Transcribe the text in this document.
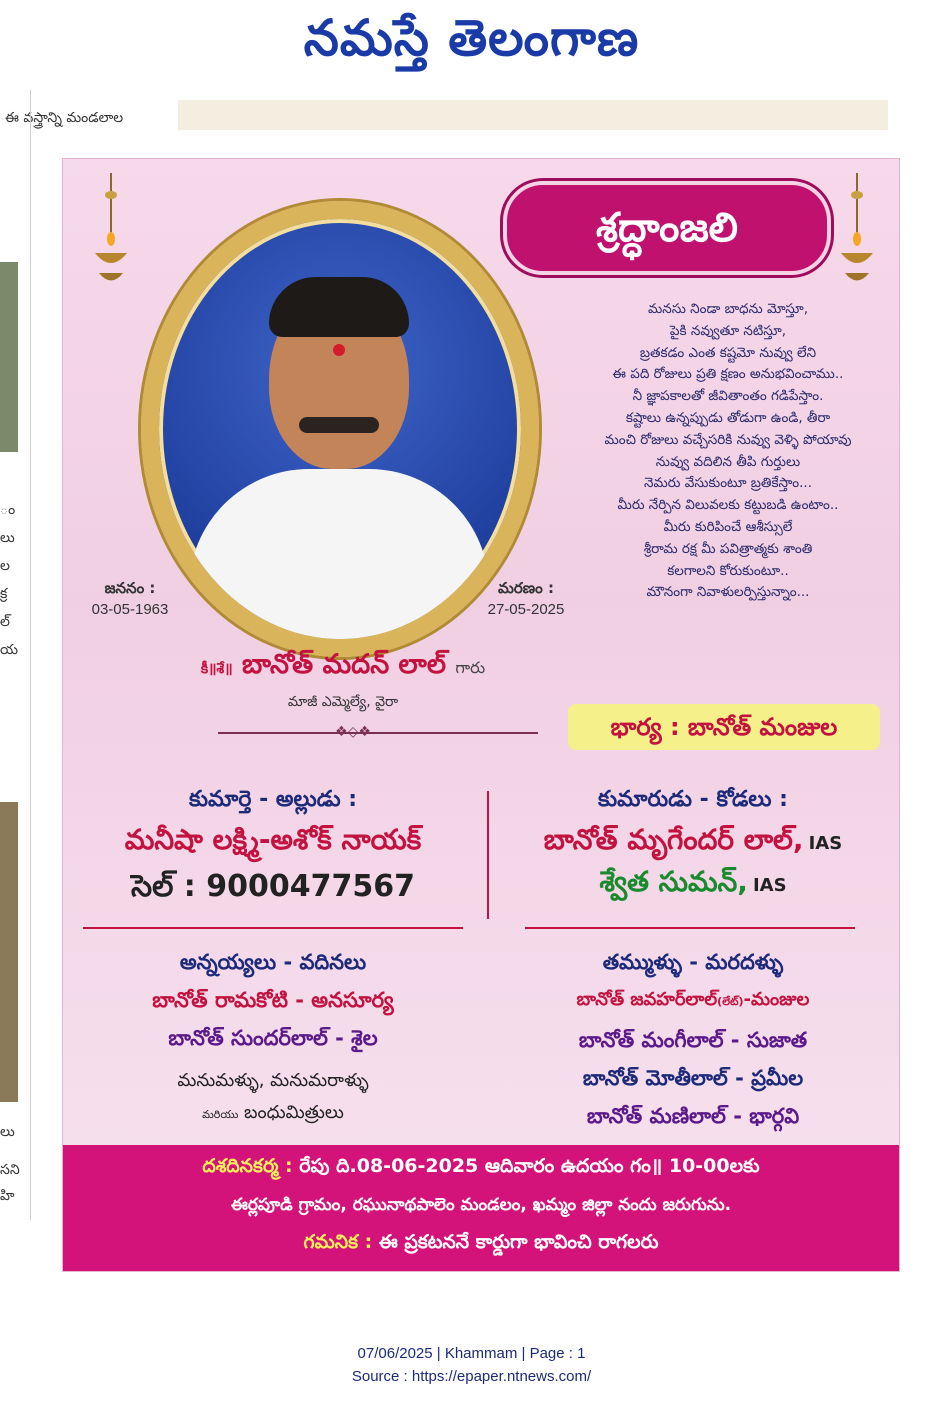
నమస్తే తెలంగాణ
ఈ వస్త్రాన్ని మండలాల
ం
లు
ల
క్ర
ల్
య
లు
సని
హి
శ్రద్ధాంజలి
జననం :
03-05-1963
మరణం :
27-05-2025
మనసు నిండా బాధను మోస్తూ,
పైకి నవ్వుతూ నటిస్తూ,
బ్రతకడం ఎంత కష్టమో నువ్వు లేని
ఈ పది రోజులు ప్రతి క్షణం అనుభవించాము..
నీ జ్ఞాపకాలతో జీవితాంతం గడిపేస్తాం.
కష్టాలు ఉన్నప్పుడు తోడుగా ఉండి, తీరా
మంచి రోజులు వచ్చేసరికి నువ్వు వెళ్ళి పోయావు
నువ్వు వదిలిన తీపి గుర్తులు
నెమరు వేసుకుంటూ బ్రతికేస్తాం...
మీరు నేర్పిన విలువలకు కట్టుబడి ఉంటాం..
మీరు కురిపించే ఆశీస్సులే
శ్రీరామ రక్ష మీ పవిత్రాత్మకు శాంతి
కలగాలని కోరుకుంటూ..
మౌనంగా నివాళులర్పిస్తున్నాం...
కీ॥శే॥ బానోత్ మదన్ లాల్ గారు
మాజీ ఎమ్మెల్యే, వైరా
❖◇❖	భార్య : బానోత్ మంజుల
కుమార్తె - అల్లుడు :
మనీషా లక్ష్మి-అశోక్ నాయక్
సెల్ : 9000477567
కుమారుడు - కోడలు :
బానోత్ మృగేందర్ లాల్, IAS
శ్వేత సుమన్, IAS
అన్నయ్యలు - వదినలు
బానోత్ రామకోటి - అనసూర్య
బానోత్ సుందర్‌లాల్ - శైల
మనుమళ్ళు, మనుమరాళ్ళు
మరియు బంధుమిత్రులు
తమ్ముళ్ళు - మరదళ్ళు
బానోత్ జవహర్‌లాల్(లేట్)-మంజుల
బానోత్ మంగీలాల్ - సుజాత
బానోత్ మోతీలాల్ - ప్రమీల
బానోత్ మణిలాల్ - భార్గవి
దశదినకర్మ : రేపు ది.08-06-2025 ఆదివారం ఉదయం గం॥ 10-00లకు
ఈర్లపూడి గ్రామం, రఘునాథపాలెం మండలం, ఖమ్మం జిల్లా నందు జరుగును.
గమనిక : ఈ ప్రకటననే కార్డుగా భావించి రాగలరు
07/06/2025 | Khammam | Page : 1
Source : https://epaper.ntnews.com/
